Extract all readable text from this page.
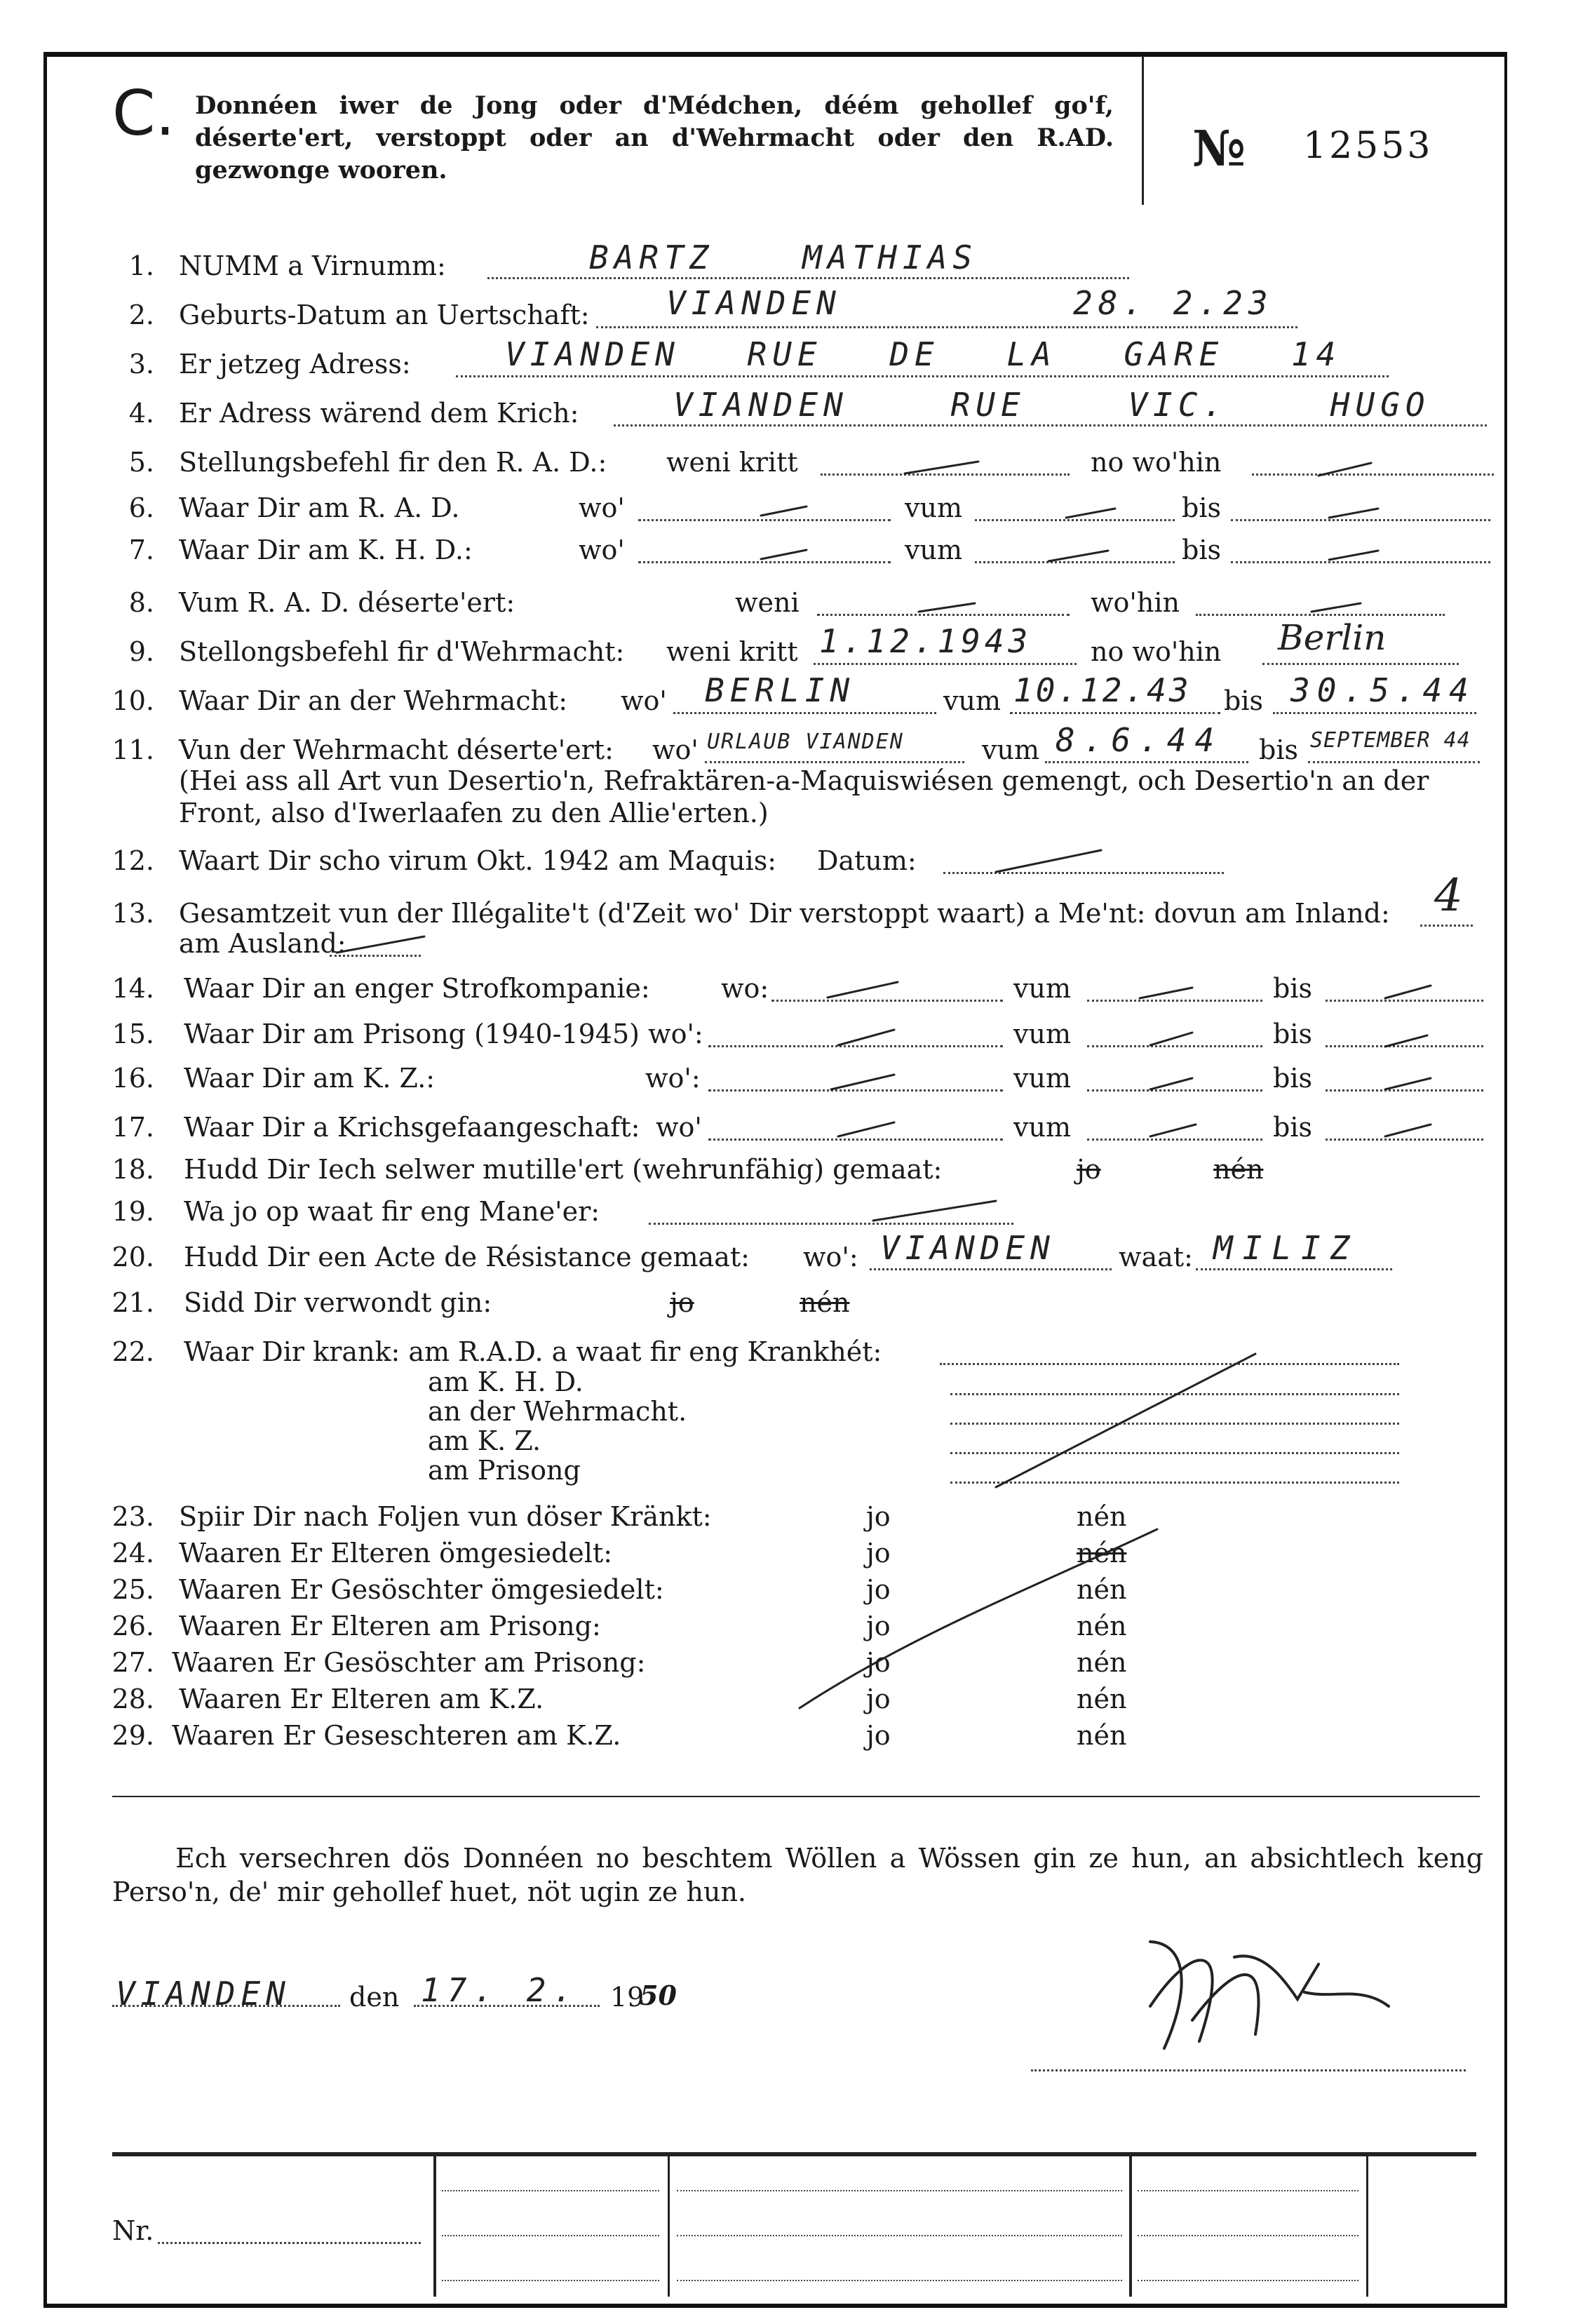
C. Donnéen iwer de Jong oder d'Médchen, déém gehollef go'f, déserte'ert, verstoppt oder an d'Wehrmacht oder den R.AD. gezwonge wooren.	№ 12553
1. NUMM a Virnumm:	BARTZ MATHIAS
2. Geburts-Datum an Uertschaft: VIANDEN	28. 2.23
3. Er jetzeg Adress:	VIANDEN RUE DE LA GARE 14
4. Er Adress wärend dem Krich:	VIANDEN RUE VIC. HUGO
5. Stellungsbefehl fir den R. A. D.: weni kritt	no wo'hin
6. Waar Dir am R. A. D.	wo'	vum	bis
7. Waar Dir am K. H. D.:	wo'	vum	bis
8. Vum R. A. D. déserte'ert:	weni	wo'hin
9. Stellongsbefehl fir d'Wehrmacht: weni kritt 1.12.1943 no wo'hin Berlin
10. Waar Dir an der Wehrmacht: wo' BERLIN	vum 10.12.43 bis 30.5.44
11. Vun der Wehrmacht déserte'ert: wo' URLAUB VIANDEN	vum 8.6.44 bis SEPTEMBER 44
(Hei ass all Art vun Desertio'n, Refraktären-a-Maquiswiésen gemengt, och Desertio'n an der Front, also d'Iwerlaafen zu den Allie'erten.)
12. Waart Dir scho virum Okt. 1942 am Maquis: Datum:
13. Gesamtzeit vun der Illégalite't (d'Zeit wo' Dir verstoppt waart) a Me'nt: dovun am Inland: 4
am Ausland:
14. Waar Dir an enger Strofkompanie:	wo:	vum	bis
15. Waar Dir am Prisong (1940-1945) wo':	vum	bis
16. Waar Dir am K. Z.:	wo':	vum	bis
17. Waar Dir a Krichsgefaangeschaft: wo'	vum	bis
18. Hudd Dir Iech selwer mutille'ert (wehrunfähig) gemaat:	jo	nén
19. Wa jo op waat fir eng Mane'er:
20. Hudd Dir een Acte de Résistance gemaat: wo': VIANDEN waat: MILIZ
21. Sidd Dir verwondt gin:	jo	nén
22. Waar Dir krank: am R.A.D. a waat fir eng Krankhét:
am K. H. D.
an der Wehrmacht.
am K. Z.
am Prisong
23. Spiir Dir nach Foljen vun döser Kränkt:	jo	nén
24. Waaren Er Elteren ömgesiedelt:	jo	nén
25. Waaren Er Gesöschter ömgesiedelt:	jo	nén
26. Waaren Er Elteren am Prisong:	jo	nén
27. Waaren Er Gesöschter am Prisong:	jo	nén
28. Waaren Er Elteren am K.Z.	jo	nén
29. Waaren Er Geseschteren am K.Z.	jo	nén
Ech versechren dös Donnéen no beschtem Wöllen a Wössen gin ze hun, an absichtlech keng Perso'n, de' mir gehollef huet, nöt ugin ze hun.
VIANDEN den 17. 2. 19
50
Nr.
